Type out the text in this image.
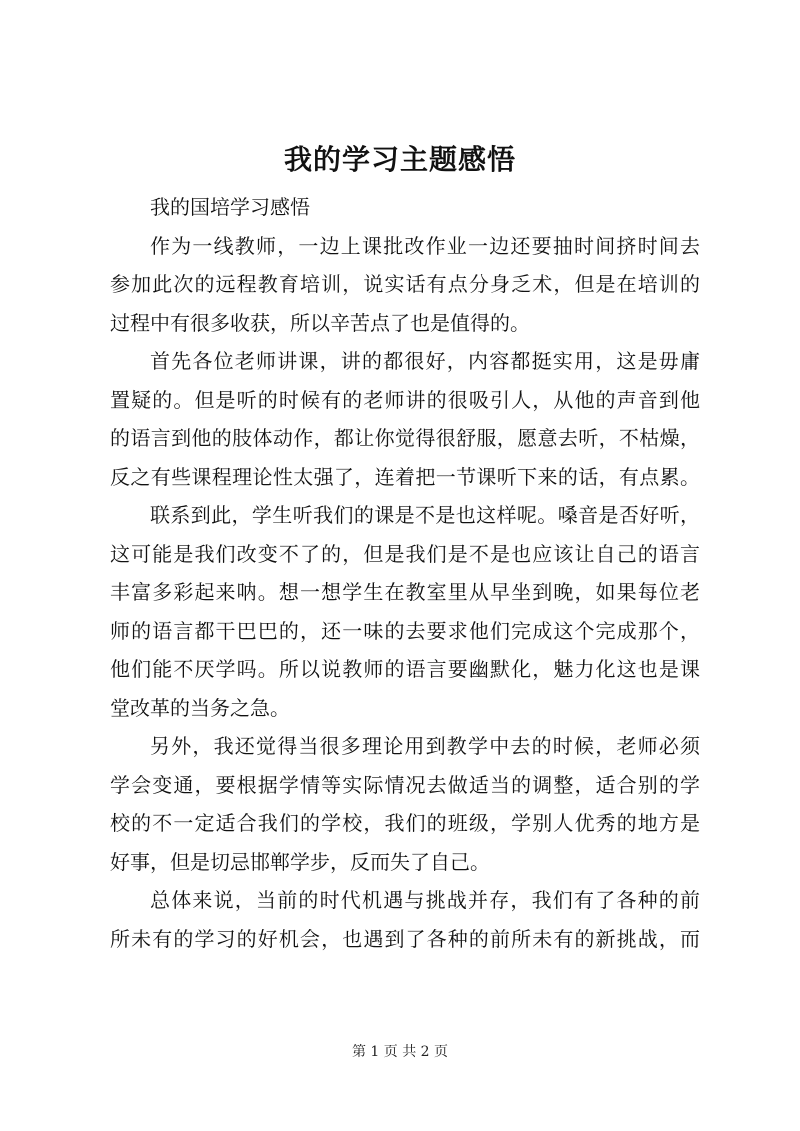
我的学习主题感悟
我的国培学习感悟
作为一线教师，一边上课批改作业一边还要抽时间挤时间去
参加此次的远程教育培训，说实话有点分身乏术，但是在培训的
过程中有很多收获，所以辛苦点了也是值得的。
首先各位老师讲课，讲的都很好，内容都挺实用，这是毋庸
置疑的。但是听的时候有的老师讲的很吸引人，从他的声音到他
的语言到他的肢体动作，都让你觉得很舒服，愿意去听，不枯燥，
反之有些课程理论性太强了，连着把一节课听下来的话，有点累。
联系到此，学生听我们的课是不是也这样呢。嗓音是否好听，
这可能是我们改变不了的，但是我们是不是也应该让自己的语言
丰富多彩起来呐。想一想学生在教室里从早坐到晚，如果每位老
师的语言都干巴巴的，还一味的去要求他们完成这个完成那个，
他们能不厌学吗。所以说教师的语言要幽默化，魅力化这也是课
堂改革的当务之急。
另外，我还觉得当很多理论用到教学中去的时候，老师必须
学会变通，要根据学情等实际情况去做适当的调整，适合别的学
校的不一定适合我们的学校，我们的班级，学别人优秀的地方是
好事，但是切忌邯郸学步，反而失了自己。
总体来说，当前的时代机遇与挑战并存，我们有了各种的前
所未有的学习的好机会，也遇到了各种的前所未有的新挑战，而
第 1 页 共 2 页
